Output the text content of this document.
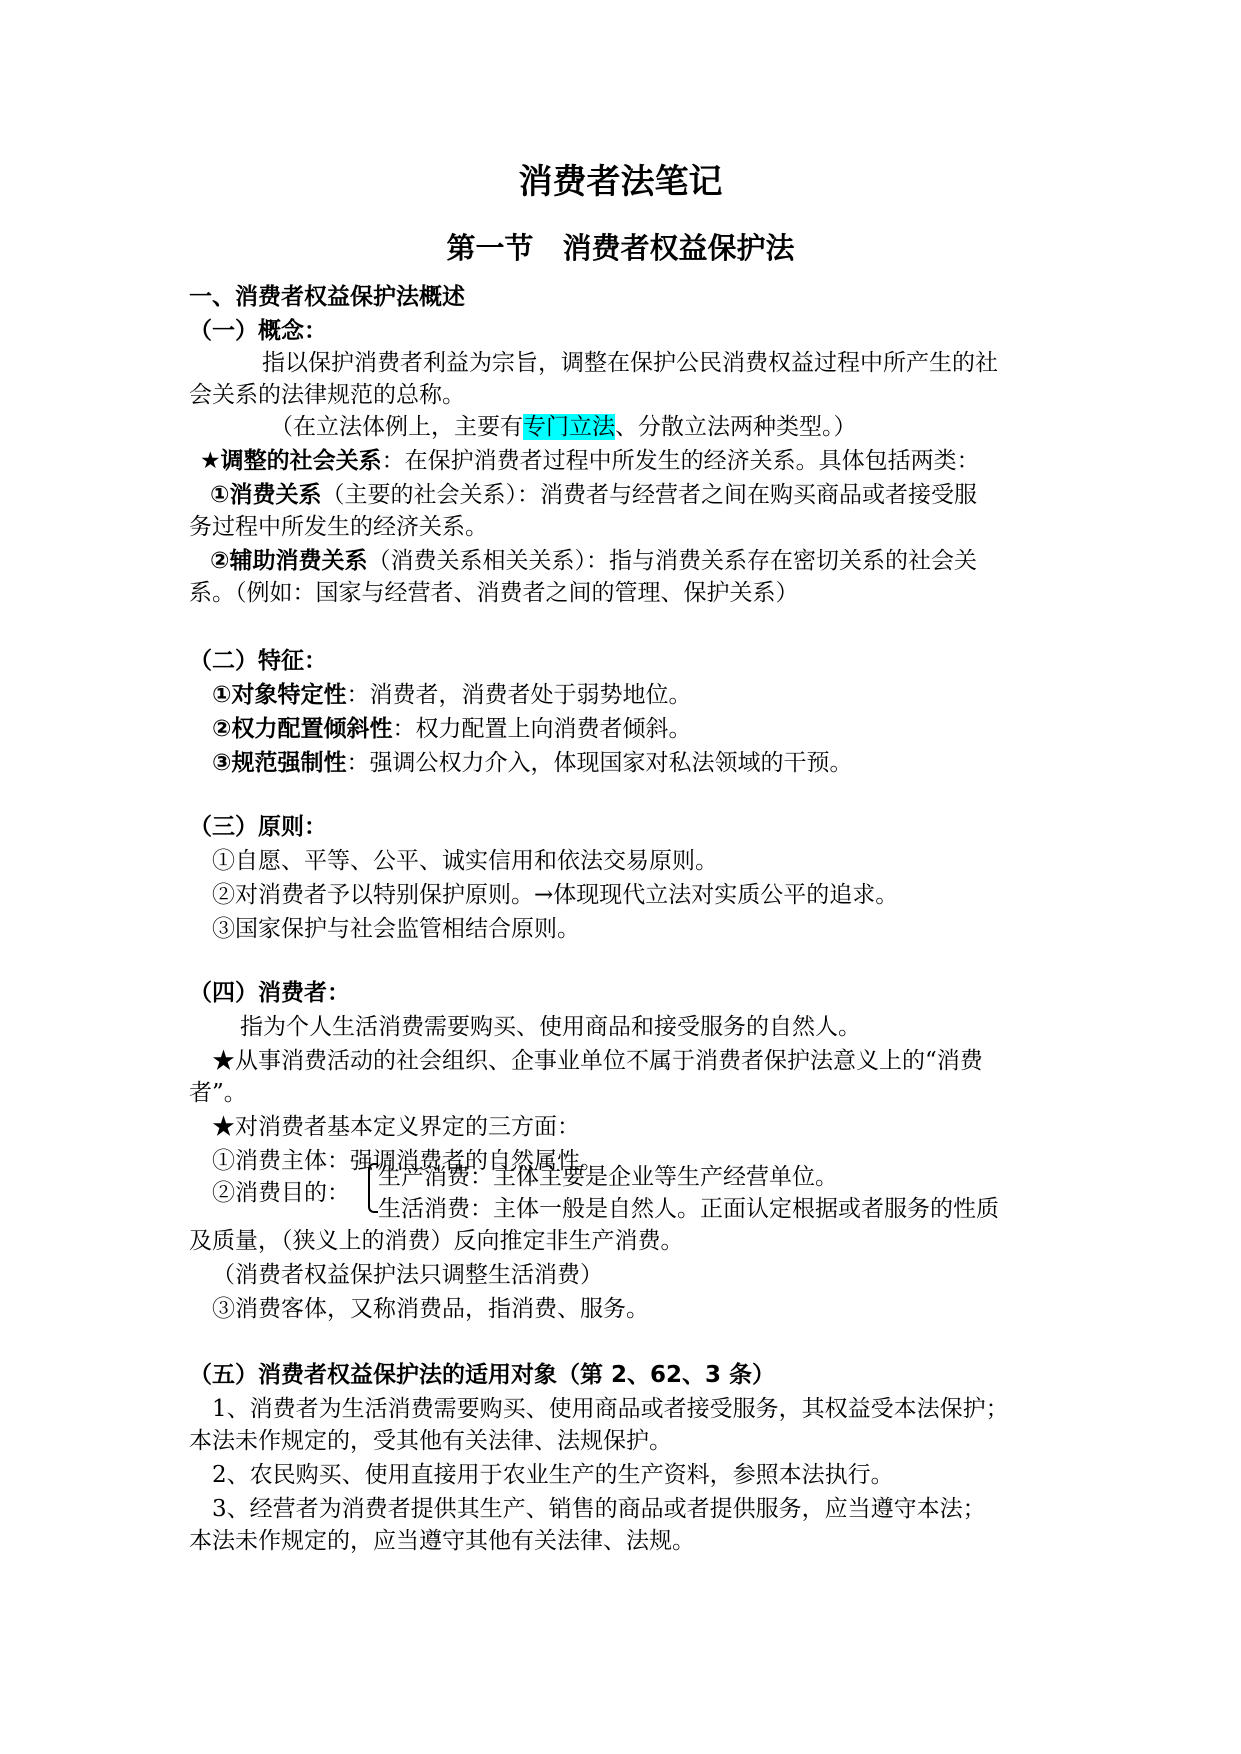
消费者法笔记
第一节　消费者权益保护法
一、消费者权益保护法概述
（一）概念：
指以保护消费者利益为宗旨，调整在保护公民消费权益过程中所产生的社
会关系的法律规范的总称。
（在立法体例上，主要有专门立法、分散立法两种类型。）
★调整的社会关系：在保护消费者过程中所发生的经济关系。具体包括两类：
①消费关系（主要的社会关系）：消费者与经营者之间在购买商品或者接受服
务过程中所发生的经济关系。
②辅助消费关系（消费关系相关关系）：指与消费关系存在密切关系的社会关
系。（例如：国家与经营者、消费者之间的管理、保护关系）
（二）特征：
①对象特定性：消费者，消费者处于弱势地位。
②权力配置倾斜性：权力配置上向消费者倾斜。
③规范强制性：强调公权力介入，体现国家对私法领域的干预。
（三）原则：
①自愿、平等、公平、诚实信用和依法交易原则。
②对消费者予以特别保护原则。→体现现代立法对实质公平的追求。
③国家保护与社会监管相结合原则。
（四）消费者：
指为个人生活消费需要购买、使用商品和接受服务的自然人。
★从事消费活动的社会组织、企事业单位不属于消费者保护法意义上的“消费
者”。
★对消费者基本定义界定的三方面：
①消费主体：强调消费者的自然属性。
②消费目的：
生产消费：主体主要是企业等生产经营单位。
生活消费：主体一般是自然人。正面认定根据或者服务的性质
及质量，（狭义上的消费）反向推定非生产消费。
（消费者权益保护法只调整生活消费）
③消费客体，又称消费品，指消费、服务。
（五）消费者权益保护法的适用对象（第 2、62、3 条）
1、消费者为生活消费需要购买、使用商品或者接受服务，其权益受本法保护；
本法未作规定的，受其他有关法律、法规保护。
2、农民购买、使用直接用于农业生产的生产资料，参照本法执行。
3、经营者为消费者提供其生产、销售的商品或者提供服务，应当遵守本法；
本法未作规定的，应当遵守其他有关法律、法规。
